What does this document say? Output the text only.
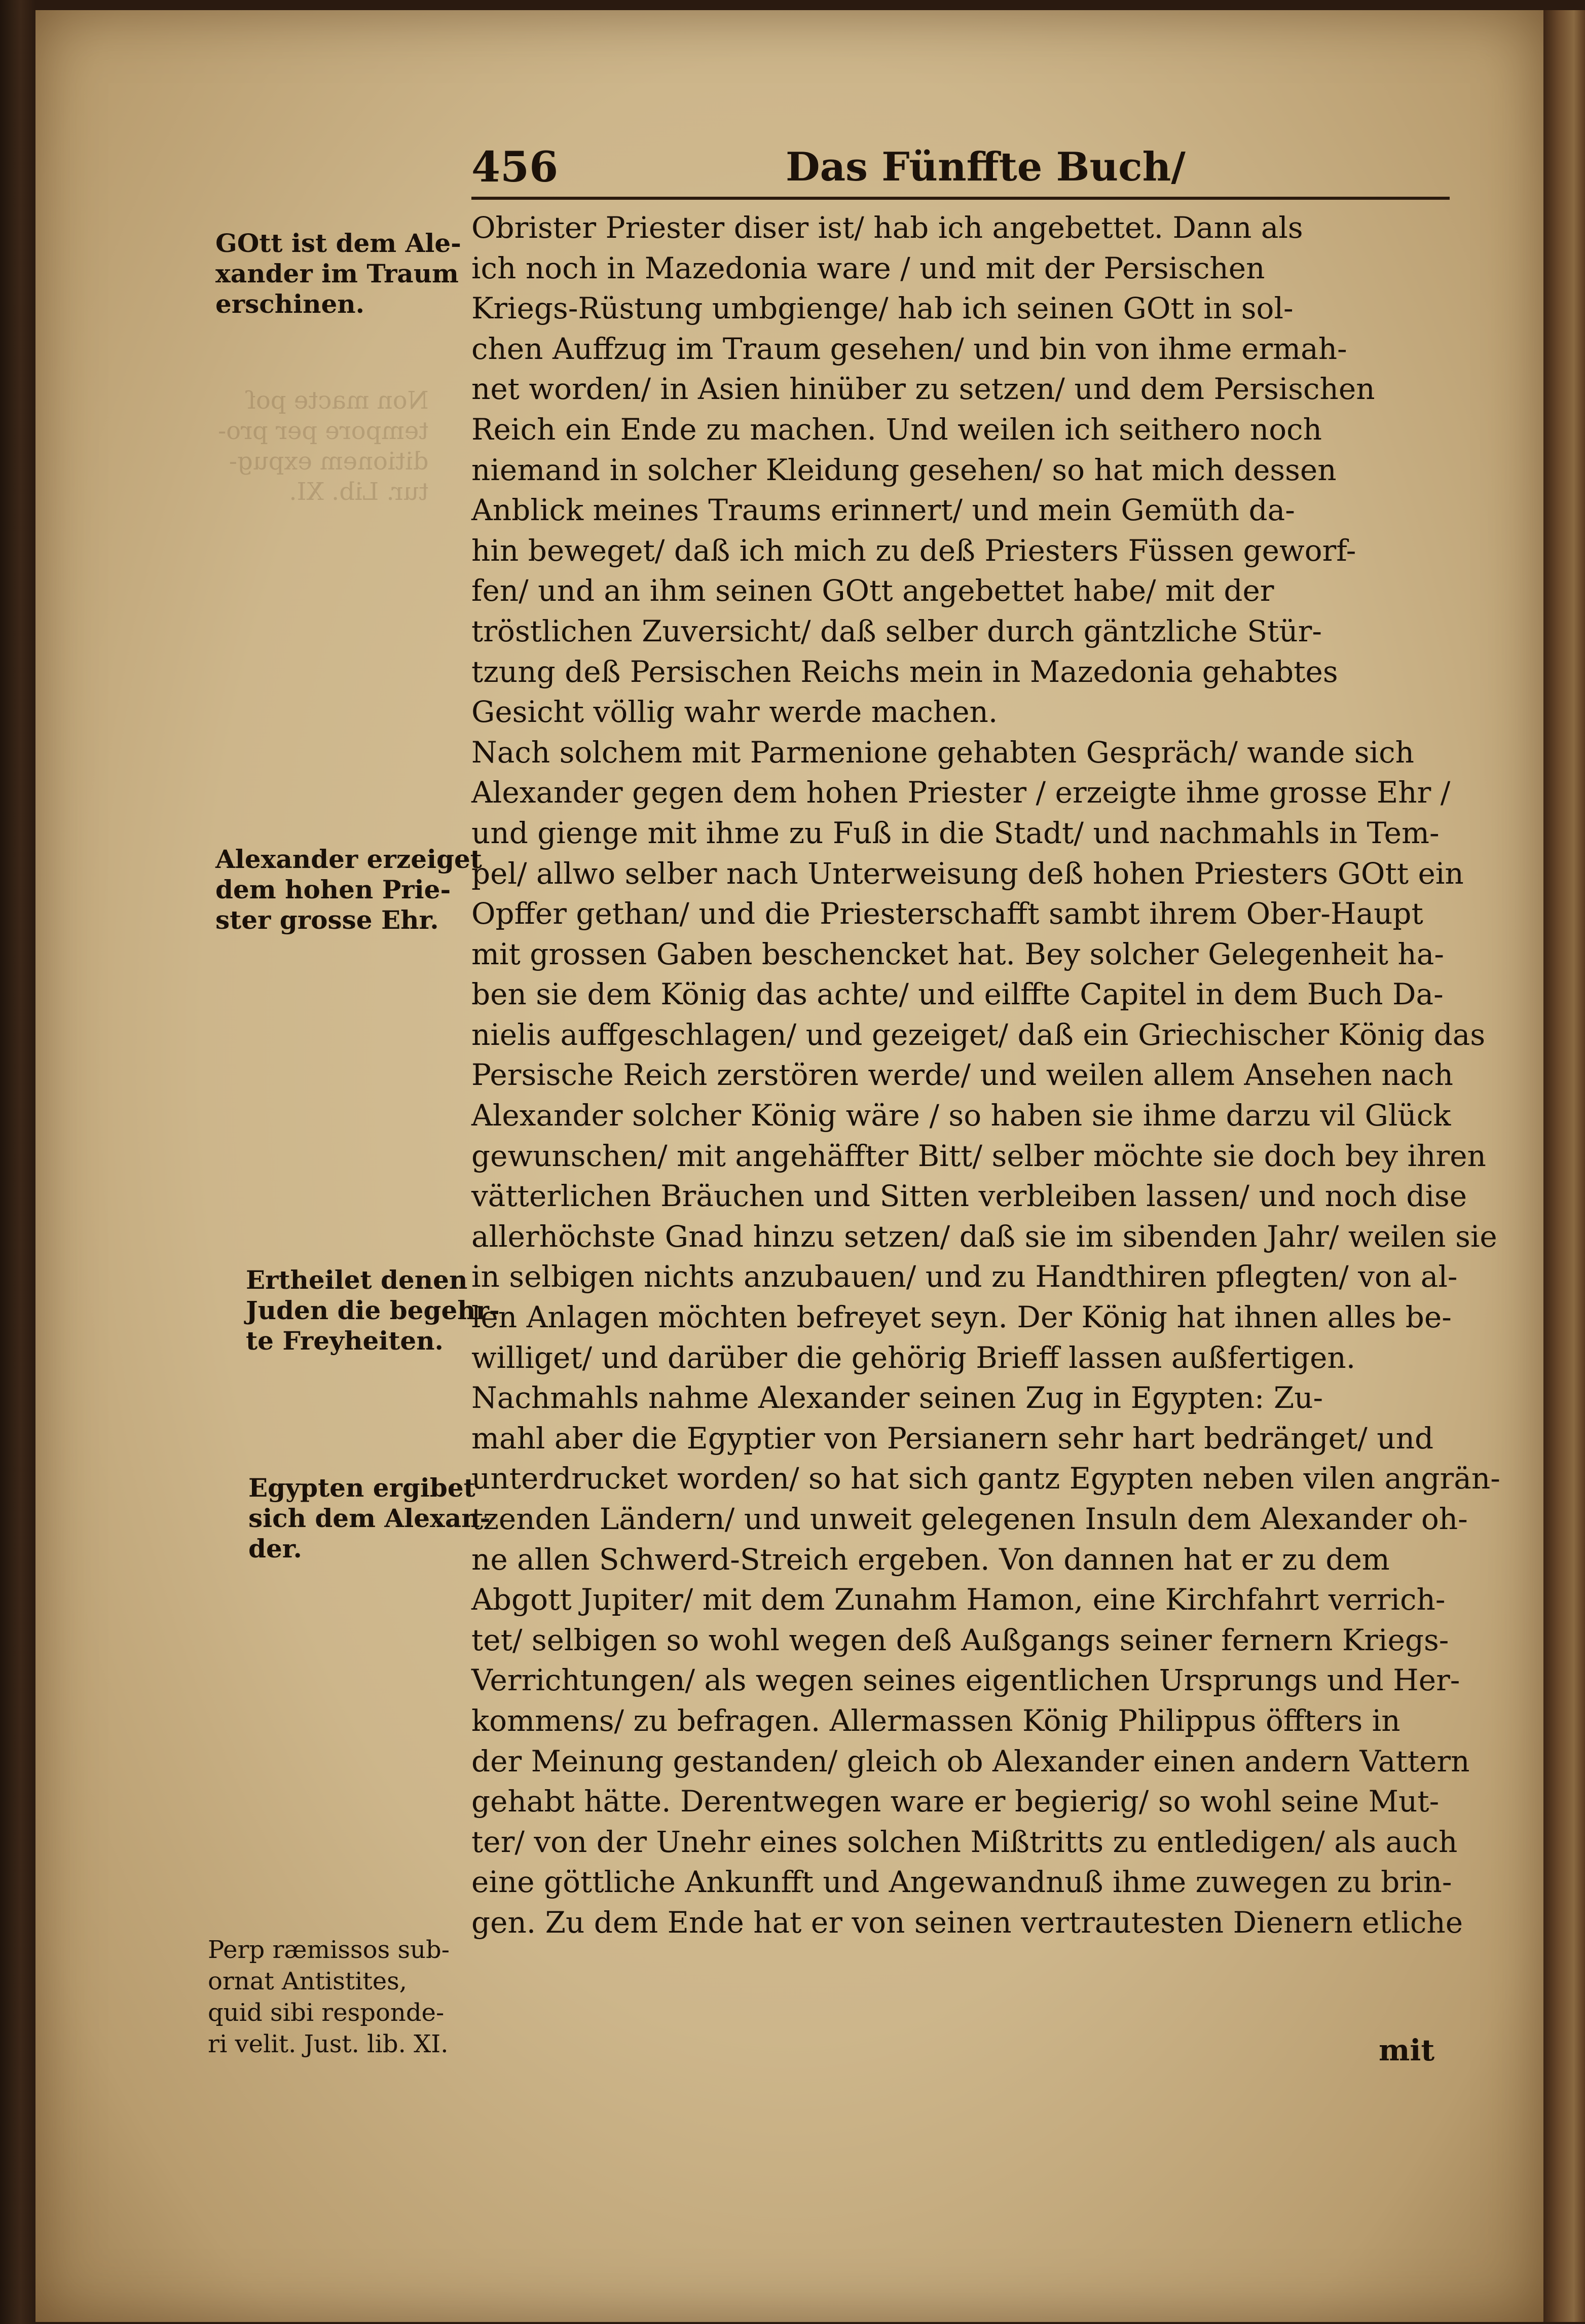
Non macte poſ
tempore per pro-
ditionem expug-
tur. Lib. XI.
456	Das Fünffte Buch/
GOtt ist dem Ale-
xander im Traum
erschinen.
Alexander erzeiget
dem hohen Prie-
ster grosse Ehr.
Ertheilet denen
Juden die begehr-
te Freyheiten.
Egypten ergibet
sich dem Alexan-
der.
Perp ræmissos sub-
ornat Antistites,
quid sibi responde-
ri velit. Just. lib. XI.
Obrister Priester diser ist/ hab ich angebettet. Dann als
ich noch in Mazedonia ware / und mit der Persischen
Kriegs-Rüstung umbgienge/ hab ich seinen GOtt in sol-
chen Auffzug im Traum gesehen/ und bin von ihme ermah-
net worden/ in Asien hinüber zu setzen/ und dem Persischen
Reich ein Ende zu machen. Und weilen ich seithero noch
niemand in solcher Kleidung gesehen/ so hat mich dessen
Anblick meines Traums erinnert/ und mein Gemüth da-
hin beweget/ daß ich mich zu deß Priesters Füssen geworf-
fen/ und an ihm seinen GOtt angebettet habe/ mit der
tröstlichen Zuversicht/ daß selber durch gäntzliche Stür-
tzung deß Persischen Reichs mein in Mazedonia gehabtes
Gesicht völlig wahr werde machen.
Nach solchem mit Parmenione gehabten Gespräch/ wande sich
Alexander gegen dem hohen Priester / erzeigte ihme grosse Ehr /
und gienge mit ihme zu Fuß in die Stadt/ und nachmahls in Tem-
pel/ allwo selber nach Unterweisung deß hohen Priesters GOtt ein
Opffer gethan/ und die Priesterschafft sambt ihrem Ober-Haupt
mit grossen Gaben beschencket hat. Bey solcher Gelegenheit ha-
ben sie dem König das achte/ und eilffte Capitel in dem Buch Da-
nielis auffgeschlagen/ und gezeiget/ daß ein Griechischer König das
Persische Reich zerstören werde/ und weilen allem Ansehen nach
Alexander solcher König wäre / so haben sie ihme darzu vil Glück
gewunschen/ mit angehäffter Bitt/ selber möchte sie doch bey ihren
vätterlichen Bräuchen und Sitten verbleiben lassen/ und noch dise
allerhöchste Gnad hinzu setzen/ daß sie im sibenden Jahr/ weilen sie
in selbigen nichts anzubauen/ und zu Handthiren pflegten/ von al-
len Anlagen möchten befreyet seyn. Der König hat ihnen alles be-
williget/ und darüber die gehörig Brieff lassen außfertigen.
Nachmahls nahme Alexander seinen Zug in Egypten: Zu-
mahl aber die Egyptier von Persianern sehr hart bedränget/ und
unterdrucket worden/ so hat sich gantz Egypten neben vilen angrän-
tzenden Ländern/ und unweit gelegenen Insuln dem Alexander oh-
ne allen Schwerd-Streich ergeben. Von dannen hat er zu dem
Abgott Jupiter/ mit dem Zunahm Hamon, eine Kirchfahrt verrich-
tet/ selbigen so wohl wegen deß Außgangs seiner fernern Kriegs-
Verrichtungen/ als wegen seines eigentlichen Ursprungs und Her-
kommens/ zu befragen. Allermassen König Philippus öffters in
der Meinung gestanden/ gleich ob Alexander einen andern Vattern
gehabt hätte. Derentwegen ware er begierig/ so wohl seine Mut-
ter/ von der Unehr eines solchen Mißtritts zu entledigen/ als auch
eine göttliche Ankunfft und Angewandnuß ihme zuwegen zu brin-
gen. Zu dem Ende hat er von seinen vertrautesten Dienern etliche
mit
